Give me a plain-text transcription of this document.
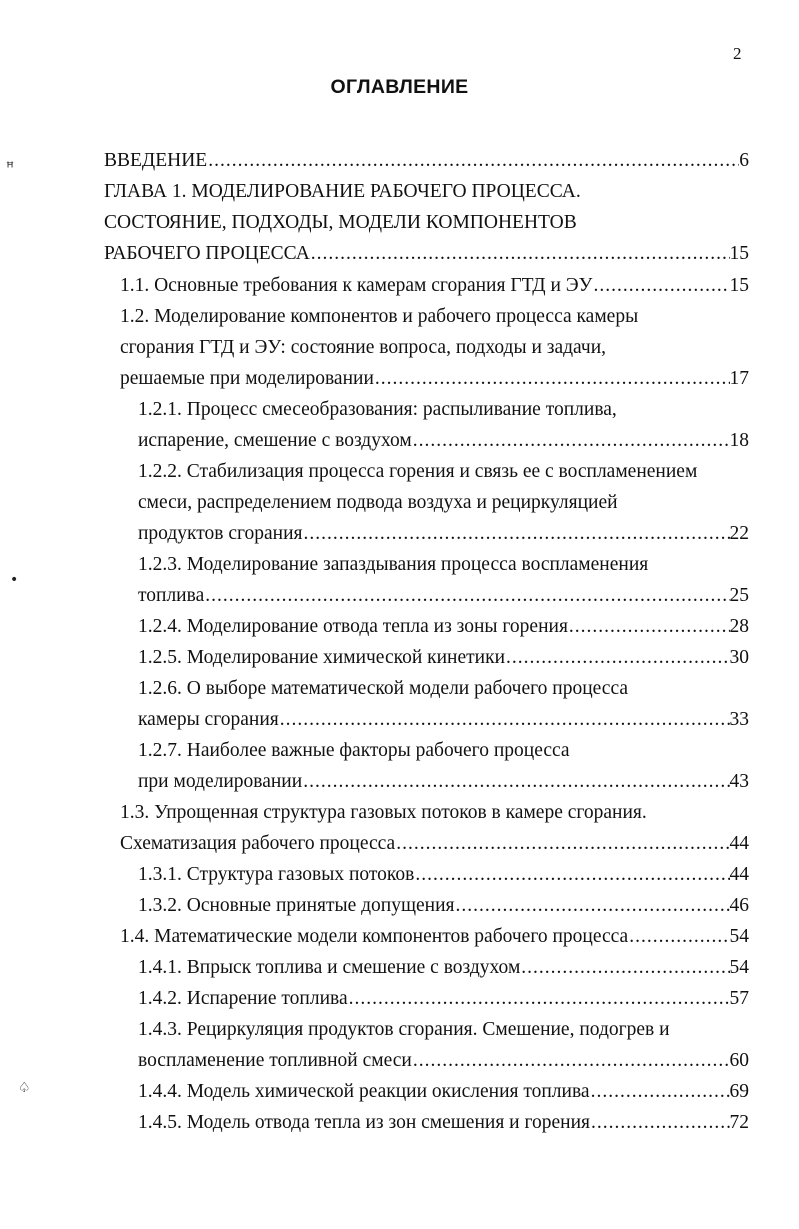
2
ОГЛАВЛЕНИЕ
ꟸ
•
♤
ВВЕДЕНИЕ .....	6
ГЛАВА 1. МОДЕЛИРОВАНИЕ РАБОЧЕГО ПРОЦЕССА.
СОСТОЯНИЕ, ПОДХОДЫ, МОДЕЛИ КОМПОНЕНТОВ
РАБОЧЕГО ПРОЦЕССА .....	15
1.1. Основные требования к камерам сгорания ГТД и ЭУ .....	15
1.2. Моделирование компонентов и рабочего процесса камеры
сгорания ГТД и ЭУ: состояние вопроса, подходы и задачи,
решаемые при моделировании .....	17
1.2.1. Процесс смесеобразования: распыливание топлива,
испарение, смешение с воздухом .....	18
1.2.2. Стабилизация процесса горения и связь ее с воспламенением
смеси, распределением подвода воздуха и рециркуляцией
продуктов сгорания .....	22
1.2.3. Моделирование запаздывания процесса воспламенения
топлива .....	25
1.2.4. Моделирование отвода тепла из зоны горения .....	28
1.2.5. Моделирование химической кинетики .....	30
1.2.6. О выборе математической модели рабочего процесса
камеры сгорания .....	33
1.2.7. Наиболее важные факторы рабочего процесса
при моделировании .....	43
1.3. Упрощенная структура газовых потоков в камере сгорания.
Схематизация рабочего процесса .....	44
1.3.1. Структура газовых потоков .....	44
1.3.2. Основные принятые допущения .....	46
1.4. Математические модели компонентов рабочего процесса .....	54
1.4.1. Впрыск топлива и смешение с воздухом .....	54
1.4.2. Испарение топлива .....	57
1.4.3. Рециркуляция продуктов сгорания. Смешение, подогрев и
воспламенение топливной смеси .....	60
1.4.4. Модель химической реакции окисления топлива .....	69
1.4.5. Модель отвода тепла из зон смешения и горения .....	72
